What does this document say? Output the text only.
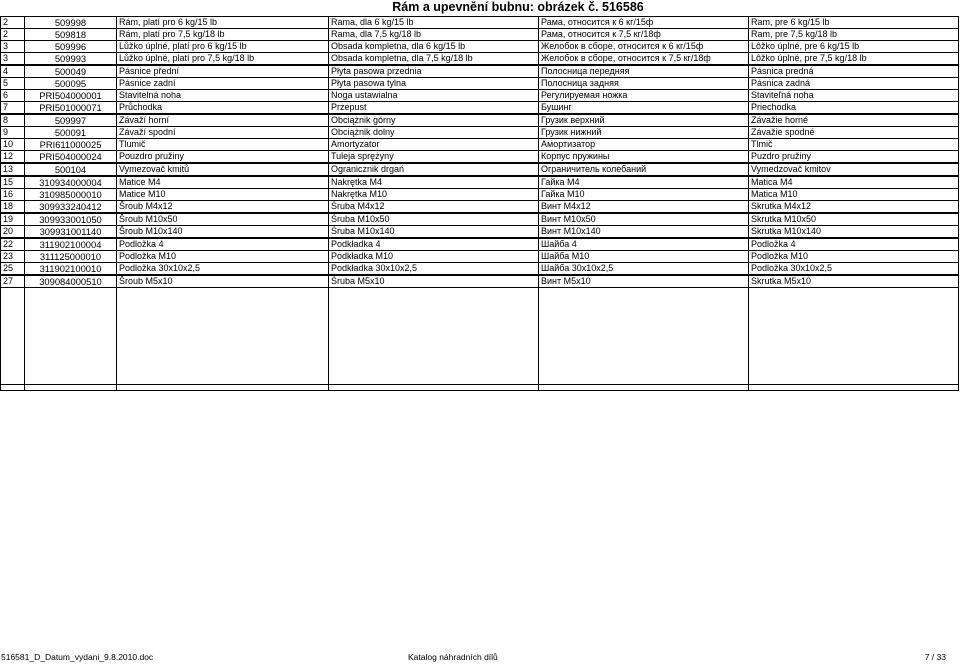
Rám a upevnění bubnu: obrázek č. 516586
2	509998	Rám, platí pro 6 kg/15 lb	Rama, dla 6 kg/15 lb	Рама, относится к 6 кг/15ф	Ram, pre 6 kg/15 lb
2	509818	Rám, platí pro 7,5 kg/18 lb	Rama, dla 7,5 kg/18 lb	Рама, относится к 7,5 кг/18ф	Ram, pre 7,5 kg/18 lb
3	509996	Lůžko úplné, platí pro 6 kg/15 lb	Obsada kompletna, dla 6 kg/15 lb	Желобок в сборе, относится к 6 кг/15ф	Lôžko úplné, pre 6 kg/15 lb
3	509993	Lůžko úplné, platí pro 7,5 kg/18 lb	Obsada kompletna, dla 7,5 kg/18 lb	Желобок в сборе, относится к 7,5 кг/18ф	Lôžko úplné, pre 7,5 kg/18 lb
4	500049	Pásnice přední	Płyta pasowa przednia	Полосница передняя	Pásnica predná
5	500095	Pásnice zadní	Płyta pasowa tylna	Полосница задняя	Pásnica zadná
6	PRI504000001	Stavitelná noha	Noga ustawialna	Регулируемая ножка	Staviteľná noha
7	PRI501000071	Průchodka	Przepust	Бушинг	Priechodka
8	509997	Závaží horní	Obciążnik górny	Грузик верхний	Závažie horné
9	500091	Závaží spodní	Obciążnik dolny	Грузик нижний	Závažie spodné
10	PRI611000025	Tlumič	Amortyzator	Амортизатор	Tlmič
12	PRI504000024	Pouzdro pružiny	Tuleja sprężyny	Корпус пружины	Puzdro pružiny
13	500104	Vymezovač kmitů	Ogranicznik drgań	Ограничитель колебаний	Vymedzovač kmitov
15	310934000004	Matice M4	Nakrętka M4	Гайка M4	Matica M4
16	310985000010	Matice M10	Nakrętka M10	Гайка M10	Matica M10
18	309933240412	Šroub M4x12	Śruba M4x12	Винт M4x12	Skrutka M4x12
19	309933001050	Šroub M10x50	Śruba M10x50	Винт M10x50	Skrutka M10x50
20	309931001140	Šroub M10x140	Śruba M10x140	Винт M10x140	Skrutka M10x140
22	311902100004	Podložka 4	Podkładka 4	Шайба 4	Podložka 4
23	311125000010	Podložka M10	Podkładka M10	Шайба M10	Podložka M10
25	311902100010	Podložka 30x10x2,5	Podkładka 30x10x2,5	Шайба 30x10x2,5	Podložka 30x10x2,5
27	309084000510	Šroub M5x10	Śruba M5x10	Винт M5x10	Skrutka M5x10

516581_D_Datum_vydani_9.8.2010.doc	Katalog náhradních dílů	7 / 33
